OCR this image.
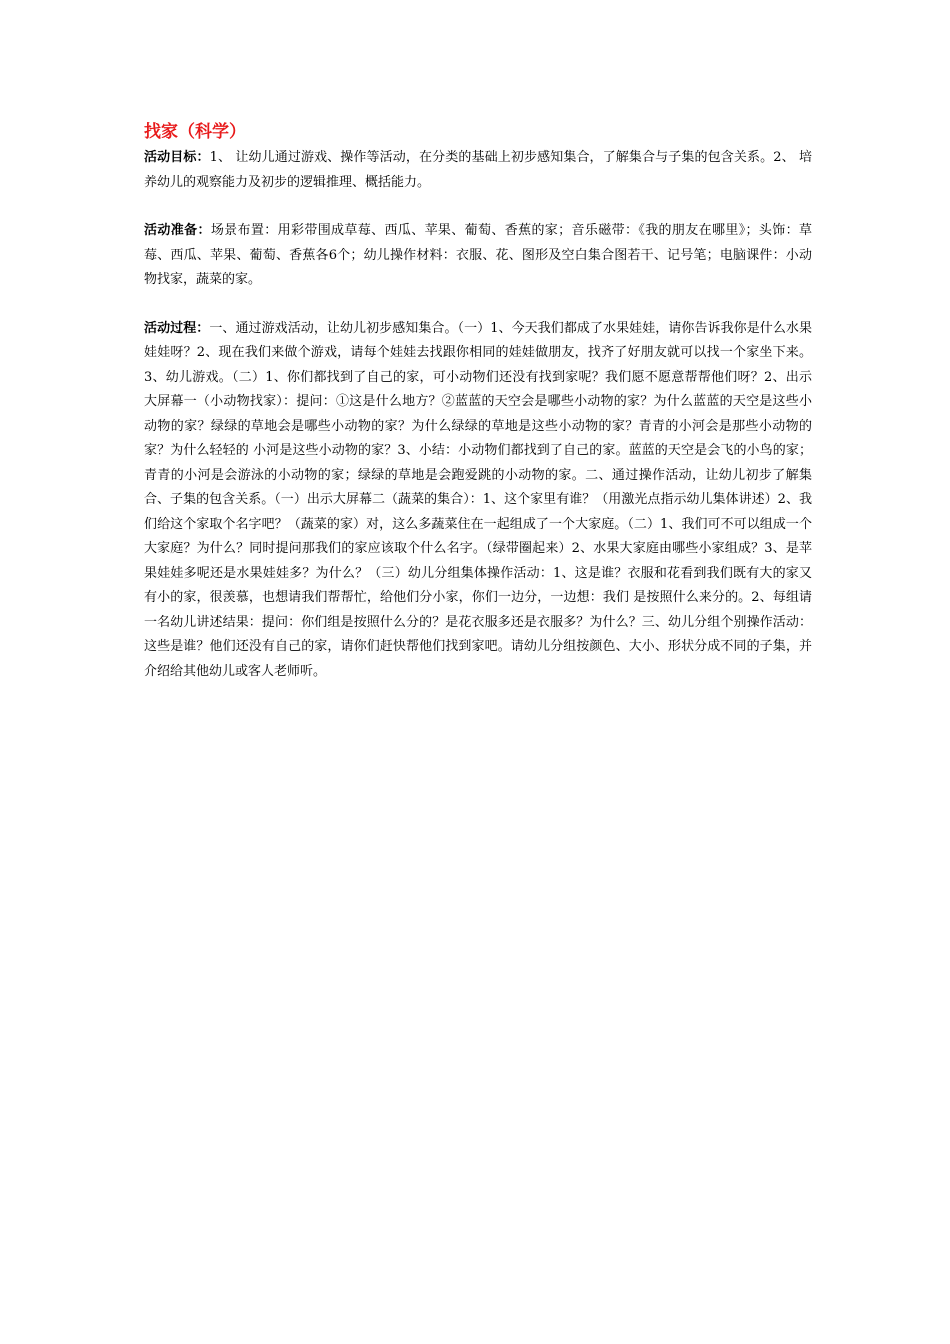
找家（科学）

活动目标：1、 让幼儿通过游戏、操作等活动，在分类的基础上初步感知集合，了解集合与子集的包含关系。2、 培养幼儿的观察能力及初步的逻辑推理、概括能力。

活动准备：场景布置：用彩带围成草莓、西瓜、苹果、葡萄、香蕉的家；音乐磁带：《我的朋友在哪里》；头饰：草莓、西瓜、苹果、葡萄、香蕉各6个；幼儿操作材料：衣服、花、图形及空白集合图若干、记号笔；电脑课件：小动物找家，蔬菜的家。

活动过程：一、通过游戏活动，让幼儿初步感知集合。（一）1、今天我们都成了水果娃娃，请你告诉我你是什么水果娃娃呀？2、现在我们来做个游戏，请每个娃娃去找跟你相同的娃娃做朋友，找齐了好朋友就可以找一个家坐下来。3、幼儿游戏。（二）1、你们都找到了自己的家，可小动物们还没有找到家呢？我们愿不愿意帮帮他们呀？2、出示大屏幕一（小动物找家）：提问：①这是什么地方？②蓝蓝的天空会是哪些小动物的家？为什么蓝蓝的天空是这些小动物的家？绿绿的草地会是哪些小动物的家？为什么绿绿的草地是这些小动物的家？青青的小河会是那些小动物的家？为什么轻轻的 小河是这些小动物的家？3、小结：小动物们都找到了自己的家。蓝蓝的天空是会飞的小鸟的家；青青的小河是会游泳的小动物的家；绿绿的草地是会跑爱跳的小动物的家。二、通过操作活动，让幼儿初步了解集合、子集的包含关系。（一）出示大屏幕二（蔬菜的集合）：1、这个家里有谁？（用激光点指示幼儿集体讲述）2、我们给这个家取个名字吧？（蔬菜的家）对，这么多蔬菜住在一起组成了一个大家庭。（二）1、我们可不可以组成一个大家庭？为什么？同时提问那我们的家应该取个什么名字。（绿带圈起来）2、水果大家庭由哪些小家组成？3、是苹果娃娃多呢还是水果娃娃多？为什么？（三）幼儿分组集体操作活动：1、这是谁？衣服和花看到我们既有大的家又有小的家，很羡慕，也想请我们帮帮忙，给他们分小家，你们一边分，一边想：我们 是按照什么来分的。2、每组请一名幼儿讲述结果：提问：你们组是按照什么分的？是花衣服多还是衣服多？为什么？三、幼儿分组个别操作活动：这些是谁？他们还没有自己的家，请你们赶快帮他们找到家吧。请幼儿分组按颜色、大小、形状分成不同的子集，并介绍给其他幼儿或客人老师听。
